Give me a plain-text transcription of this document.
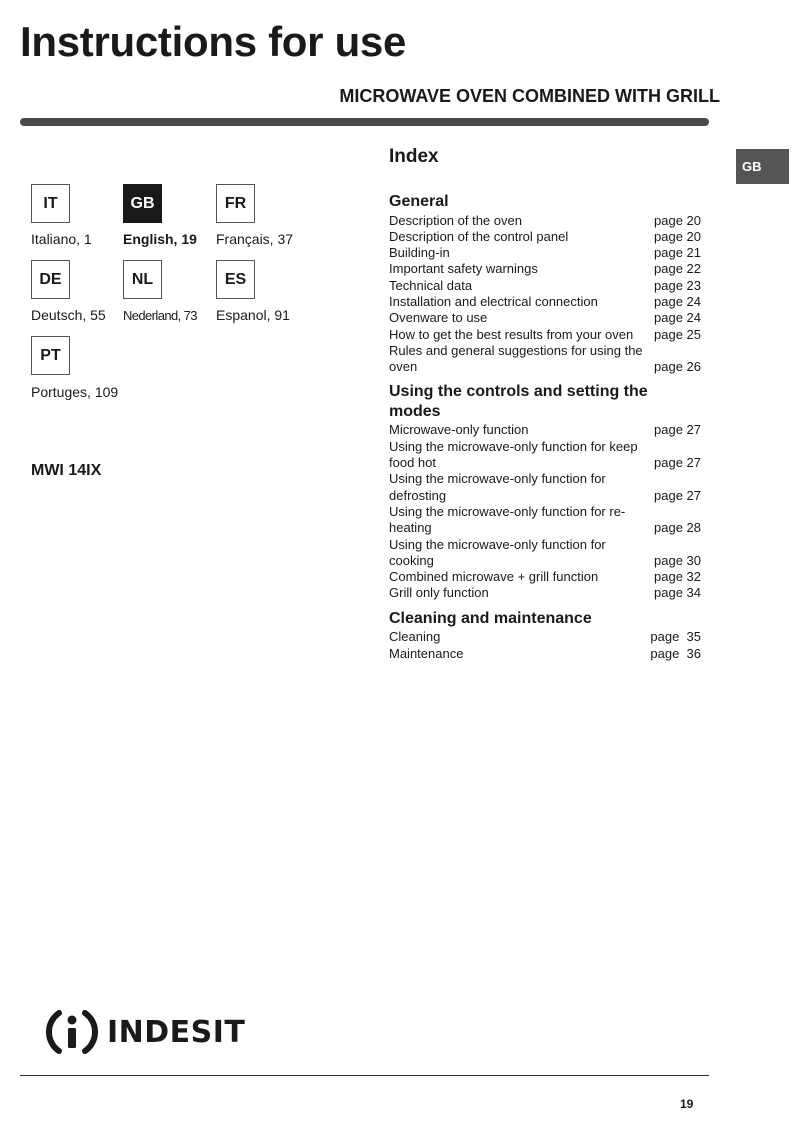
Instructions for use
MICROWAVE OVEN COMBINED WITH GRILL
GB
IT
Italiano, 1
GB
English, 19
FR
Français, 37
DE
Deutsch, 55
NL
Nederland, 73
ES
Espanol, 91
PT
Portuges, 109
MWI 14IX
Index
General
Description of the oven	page 20
Description of the control panel	page 20
Building-in	page 21
Important safety warnings	page 22
Technical data	page 23
Installation and electrical connection	page 24
Ovenware to use	page 24
How to get the best results from your oven	page 25
Rules and general suggestions for using the oven	page 26
Using the controls and setting the modes
Microwave-only function	page 27
Using the microwave-only function for keep food hot	page 27
Using the microwave-only function for defrosting	page 27
Using the microwave-only function for re-heating	page 28
Using the microwave-only function for cooking	page 30
Combined microwave + grill function	page 32
Grill only function	page 34
Cleaning and maintenance
Cleaning	page  35
Maintenance	page  36
INDESIT
19
